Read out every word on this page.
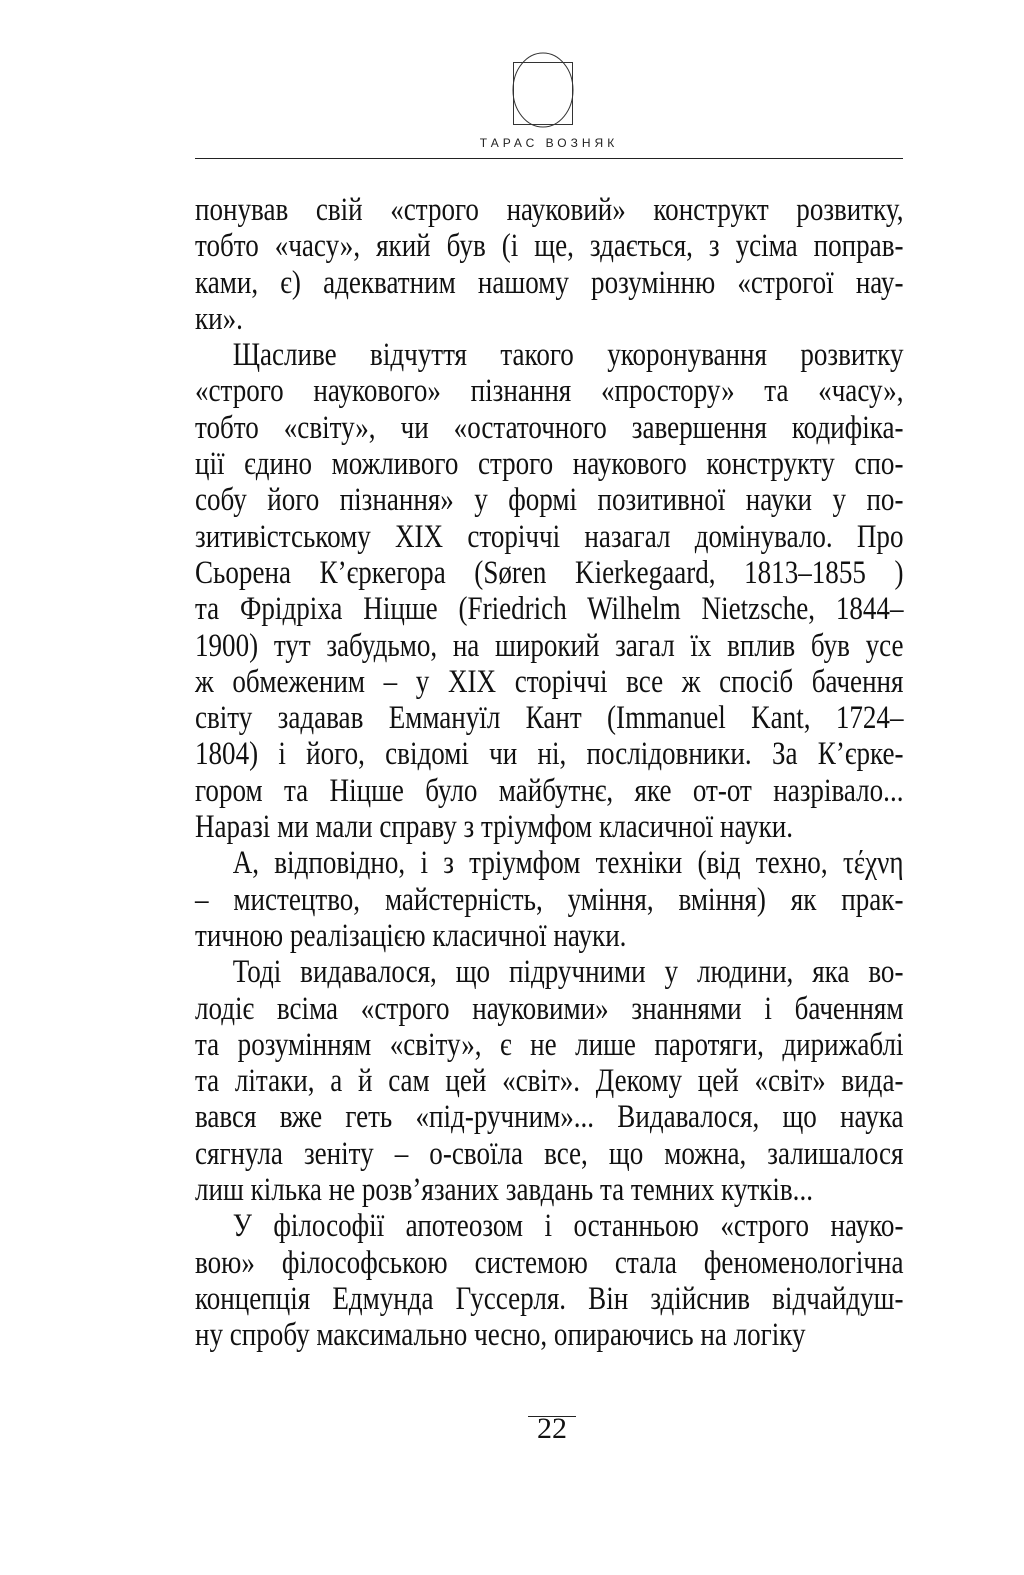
ТАРАС ВОЗНЯК
понував свій «строго науковий» конструкт розвитку,
тобто «часу», який був (і ще, здається, з усіма поправ-
ками, є) адекватним нашому розумінню «строгої нау-
ки».
Щасливе відчуття такого укоронування розвитку
«строго наукового» пізнання «простору» та «часу»,
тобто «світу», чи «остаточного завершення кодифіка-
ції єдино можливого строго наукового конструкту спо-
собу його пізнання» у формі позитивної науки у по-
зитивістському XIX сторіччі назагал домінувало. Про
Сьорена К’єркегора (Søren Kierkegaard, 1813–1855 )
та Фрідріха Ніцше (Friedrich Wilhelm Nietzsche, 1844–
1900) тут забудьмо, на широкий загал їх вплив був усе
ж обмеженим – у XIX сторіччі все ж спосіб бачення
світу задавав Еммануїл Кант (Immanuel Kant, 1724–
1804) і його, свідомі чи ні, послідовники. За К’єрке-
гором та Ніцше було майбутнє, яке от-от назрівало...
Наразі ми мали справу з тріумфом класичної науки.
А, відповідно, і з тріумфом техніки (від техно, τέχνη
– мистецтво, майстерність, уміння, вміння) як прак-
тичною реалізацією класичної науки.
Тоді видавалося, що підручними у людини, яка во-
лодіє всіма «строго науковими» знаннями і баченням
та розумінням «світу», є не лише паротяги, дирижаблі
та літаки, а й сам цей «світ». Декому цей «світ» вида-
вався вже геть «під-ручним»... Видавалося, що наука
сягнула зеніту – о-своїла все, що можна, залишалося
лиш кілька не розв’язаних завдань та темних кутків...
У філософії апотеозом і останньою «строго науко-
вою» філософською системою стала феноменологічна
концепція Едмунда Гуссерля. Він здійснив відчайдуш-
ну спробу максимально чесно, опираючись на логіку
22
